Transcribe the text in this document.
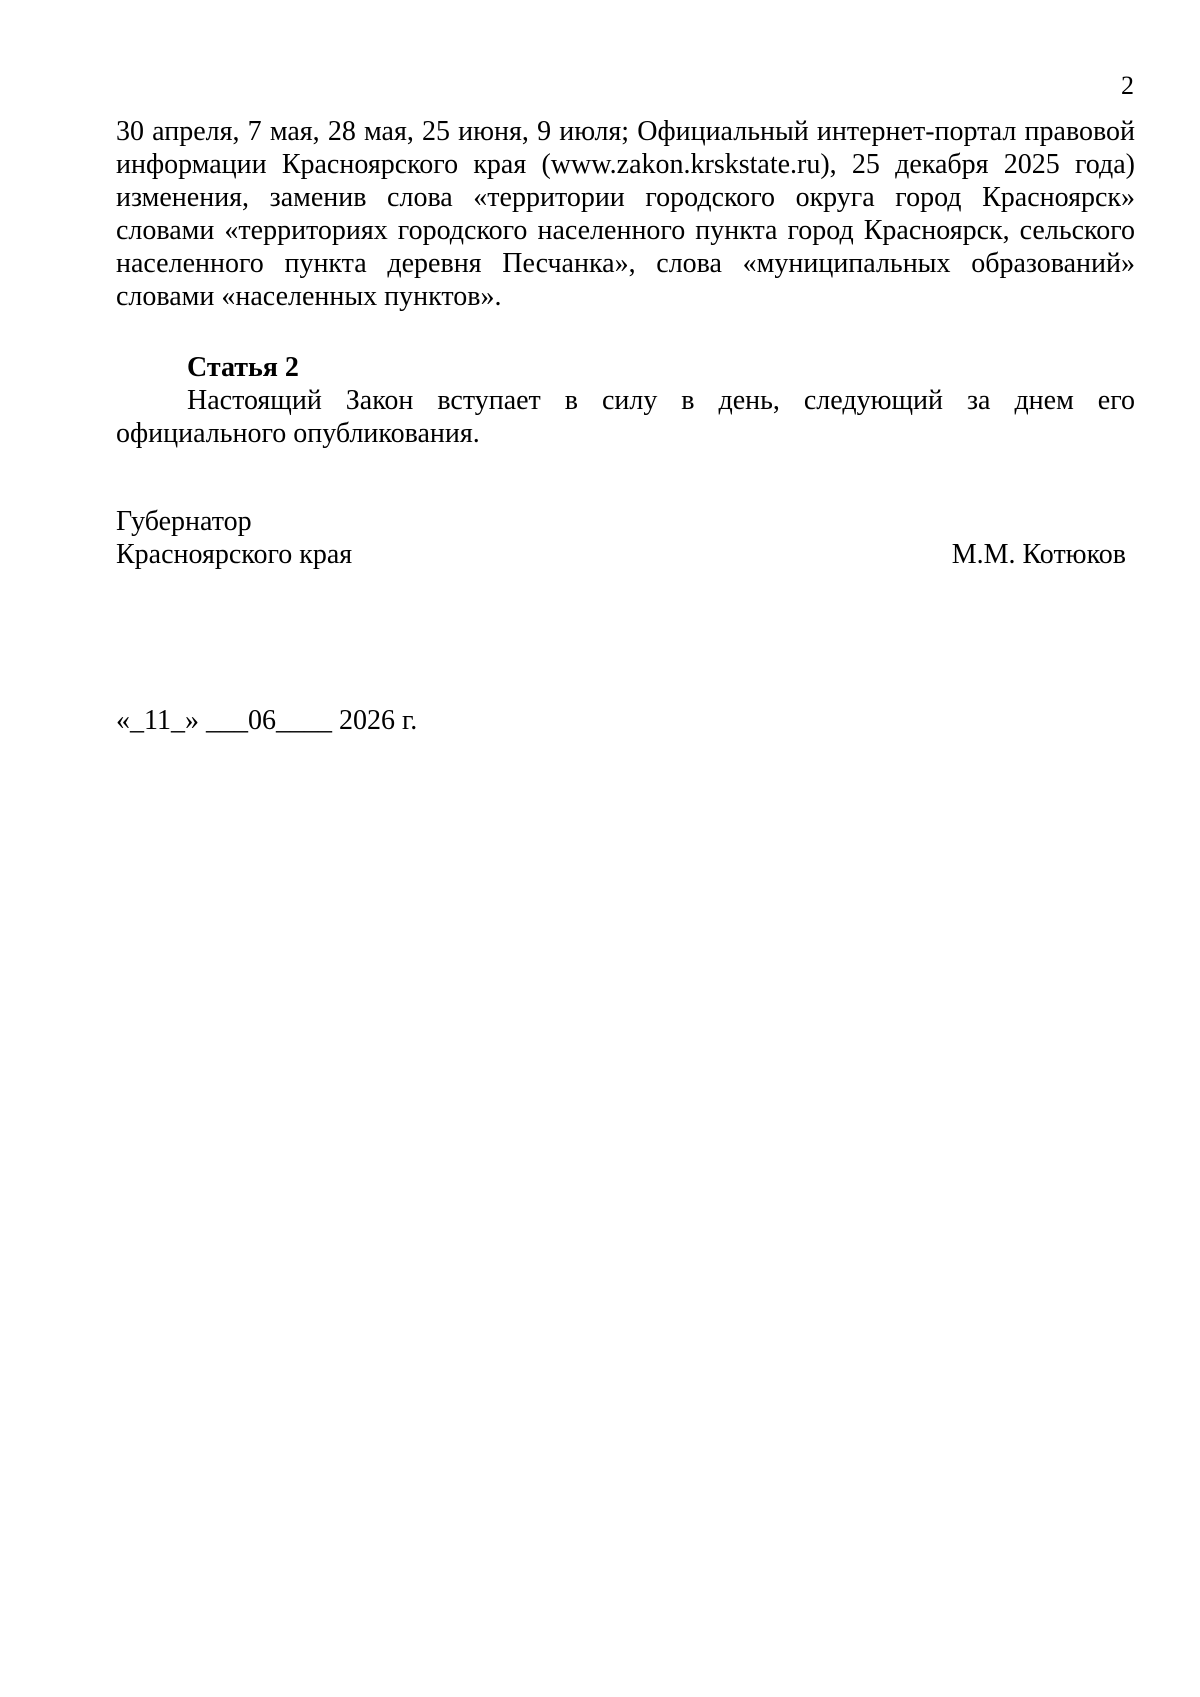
2

30 апреля, 7 мая, 28 мая, 25 июня, 9 июля; Официальный интернет-портал правовой информации Красноярского края (www.zakon.krskstate.ru), 25 декабря 2025 года) изменения, заменив слова «территории городского округа город Красноярск» словами «территориях городского населенного пункта город Красноярск, сельского населенного пункта деревня Песчанка», слова «муниципальных образований» словами «населенных пунктов».

Статья 2

Настоящий Закон вступает в силу в день, следующий за днем его официального опубликования.

Губернатор
Красноярского края	М.М. Котюков
«_11_» ___06____ 2026 г.
